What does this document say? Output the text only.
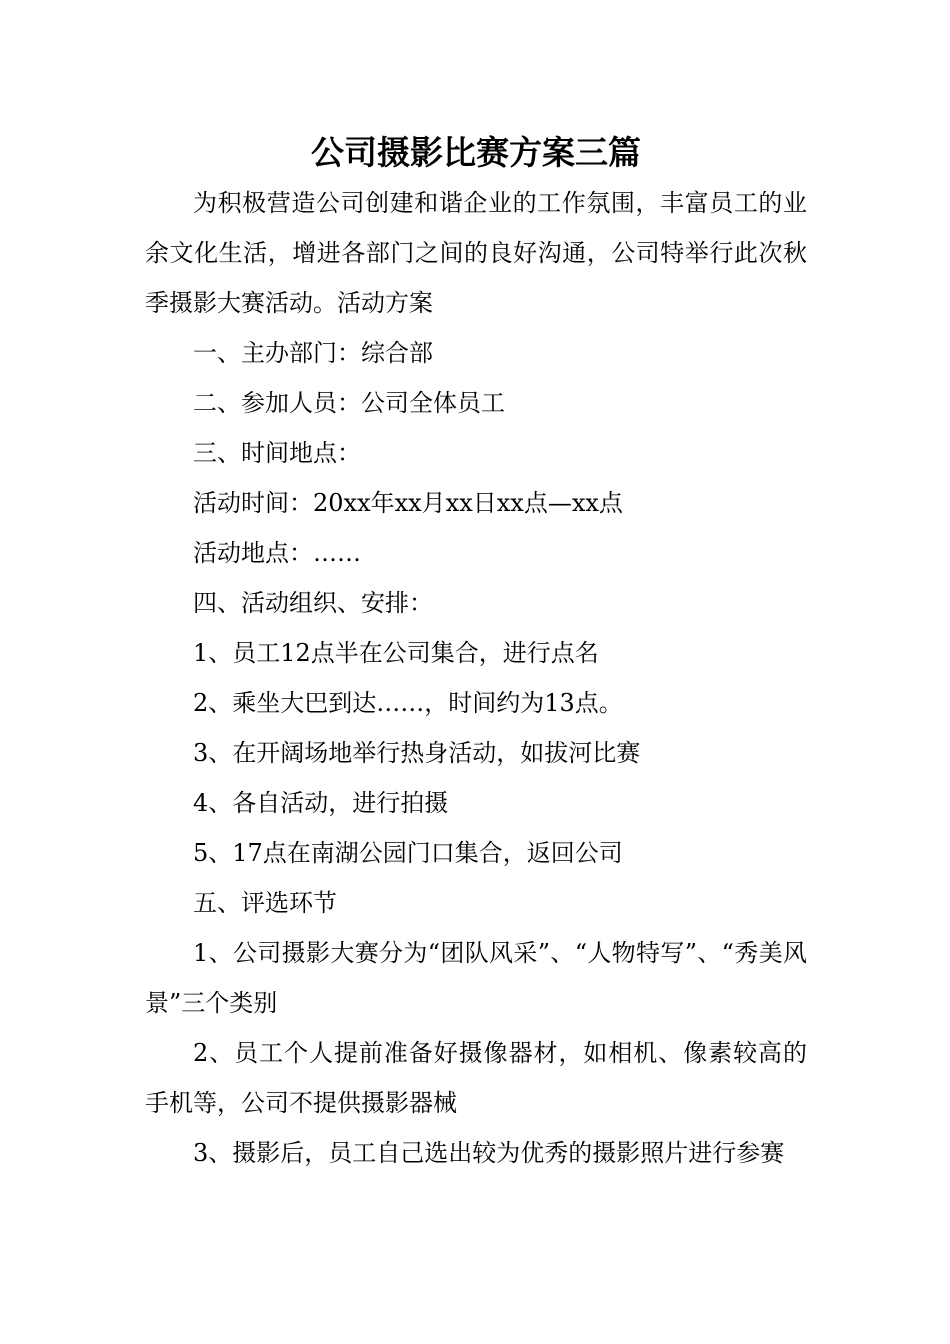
公司摄影比赛方案三篇

为积极营造公司创建和谐企业的工作氛围，丰富员工的业余文化生活，增进各部门之间的良好沟通，公司特举行此次秋季摄影大赛活动。活动方案

一、主办部门：综合部

二、参加人员：公司全体员工

三、时间地点：

活动时间：20xx年xx月xx日xx点—xx点

活动地点：……

四、活动组织、安排：

1、员工12点半在公司集合，进行点名

2、乘坐大巴到达……，时间约为13点。

3、在开阔场地举行热身活动，如拔河比赛

4、各自活动，进行拍摄

5、17点在南湖公园门口集合，返回公司

五、评选环节

1、公司摄影大赛分为“团队风采”、“人物特写”、“秀美风景”三个类别

2、员工个人提前准备好摄像器材，如相机、像素较高的手机等，公司不提供摄影器械

3、摄影后，员工自己选出较为优秀的摄影照片进行参赛
